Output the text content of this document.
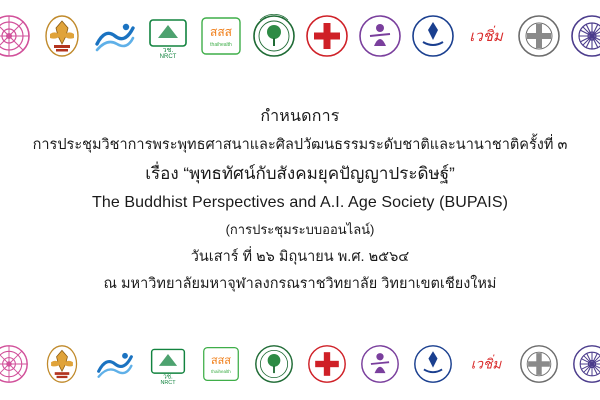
วช.
NRCT
สสส
thaihealth	เวชิ่ม
กำหนดการ
การประชุมวิชาการพระพุทธศาสนาและศิลปวัฒนธรรมระดับชาติและนานาชาติครั้งที่ ๓
เรื่อง “พุทธทัศน์กับสังคมยุคปัญญาประดิษฐ์”
The Buddhist Perspectives and A.I. Age Society (BUPAIS)
(การประชุมระบบออนไลน์)
วันเสาร์ ที่ ๒๖ มิถุนายน พ.ศ. ๒๕๖๔
ณ มหาวิทยาลัยมหาจุฬาลงกรณราชวิทยาลัย วิทยาเขตเชียงใหม่
วช.
NRCT
สสส
thaihealth
เวชิ่ม
